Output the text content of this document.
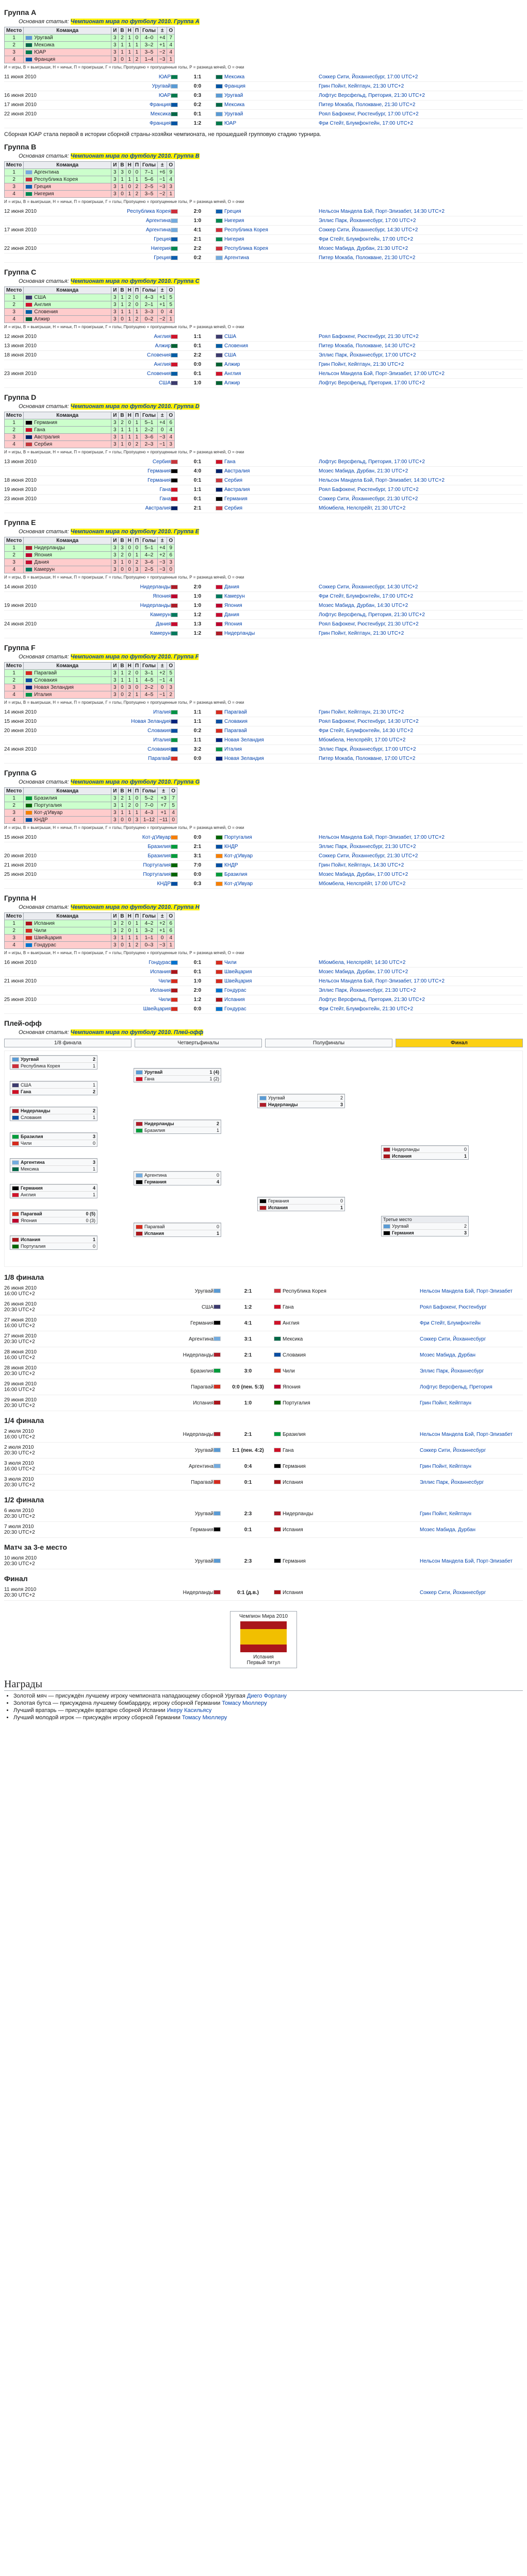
Группа A
Основная статья: Чемпионат мира по футболу 2010. Группа A
Место	Команда	И	В	Н	П	Голы	±	О
1	Уругвай	3	2	1	0	4–0	+4	7
2	Мексика	3	1	1	1	3–2	+1	4
3	ЮАР	3	1	1	1	3–5	−2	4
4	Франция	3	0	1	2	1–4	−3	1
И = игры, В = выигрыши, Н = ничьи, П = проигрыши, Г = голы, Пропущено = пропущенные голы, Р = разница мячей, О = очки
11 июня 2010	ЮАР	1:1	Мексика	Соккер Сити, Йоханнесбург, 17:00 UTC+2
Уругвай	0:0	Франция	Грин Пойнт, Кейптаун, 21:30 UTC+2
16 июня 2010	ЮАР	0:3	Уругвай	Лофтус Версфельд, Претория, 21:30 UTC+2
17 июня 2010	Франция	0:2	Мексика	Питер Мокаба, Полокване, 21:30 UTC+2
22 июня 2010	Мексика	0:1	Уругвай	Роял Бафокенг, Рюстенбург, 17:00 UTC+2
Франция	1:2	ЮАР	Фри Стейт, Блумфонтейн, 17:00 UTC+2

Сборная ЮАР стала первой в истории сборной страны-хозяйки чемпионата, не прошедшей групповую стадию турнира.

Группа B
Основная статья: Чемпионат мира по футболу 2010. Группа B
Место	Команда	И	В	Н	П	Голы	±	О
1	Аргентина	3	3	0	0	7–1	+6	9
2	Республика Корея	3	1	1	1	5–6	−1	4
3	Греция	3	1	0	2	2–5	−3	3
4	Нигерия	3	0	1	2	3–5	−2	1
И = игры, В = выигрыши, Н = ничьи, П = проигрыши, Г = голы, Пропущено = пропущенные голы, Р = разница мячей, О = очки
12 июня 2010	Республика Корея	2:0	Греция	Нельсон Мандела Бэй, Порт-Элизабет, 14:30 UTC+2
Аргентина	1:0	Нигерия	Эллис Парк, Йоханнесбург, 17:00 UTC+2
17 июня 2010	Аргентина	4:1	Республика Корея	Соккер Сити, Йоханнесбург, 14:30 UTC+2
Греция	2:1	Нигерия	Фри Стейт, Блумфонтейн, 17:00 UTC+2
22 июня 2010	Нигерия	2:2	Республика Корея	Мозес Мабида, Дурбан, 21:30 UTC+2
Греция	0:2	Аргентина	Питер Мокаба, Полокване, 21:30 UTC+2
Группа C
Основная статья: Чемпионат мира по футболу 2010. Группа C
Место	Команда	И	В	Н	П	Голы	±	О
1	США	3	1	2	0	4–3	+1	5
2	Англия	3	1	2	0	2–1	+1	5
3	Словения	3	1	1	1	3–3	0	4
4	Алжир	3	0	1	2	0–2	−2	1
И = игры, В = выигрыши, Н = ничьи, П = проигрыши, Г = голы, Пропущено = пропущенные голы, Р = разница мячей, О = очки
12 июня 2010	Англия	1:1	США	Роял Бафокенг, Рюстенбург, 21:30 UTC+2
13 июня 2010	Алжир	0:1	Словения	Питер Мокаба, Полокване, 14:30 UTC+2
18 июня 2010	Словения	2:2	США	Эллис Парк, Йоханнесбург, 17:00 UTC+2
Англия	0:0	Алжир	Грин Пойнт, Кейптаун, 21:30 UTC+2
23 июня 2010	Словения	0:1	Англия	Нельсон Мандела Бэй, Порт-Элизабет, 17:00 UTC+2
США	1:0	Алжир	Лофтус Версфельд, Претория, 17:00 UTC+2
Группа D
Основная статья: Чемпионат мира по футболу 2010. Группа D
Место	Команда	И	В	Н	П	Голы	±	О
1	Германия	3	2	0	1	5–1	+4	6
2	Гана	3	1	1	1	2–2	0	4
3	Австралия	3	1	1	1	3–6	−3	4
4	Сербия	3	1	0	2	2–3	−1	3
И = игры, В = выигрыши, Н = ничьи, П = проигрыши, Г = голы, Пропущено = пропущенные голы, Р = разница мячей, О = очки
13 июня 2010	Сербия	0:1	Гана	Лофтус Версфельд, Претория, 17:00 UTC+2
Германия	4:0	Австралия	Мозес Мабида, Дурбан, 21:30 UTC+2
18 июня 2010	Германия	0:1	Сербия	Нельсон Мандела Бэй, Порт-Элизабет, 14:30 UTC+2
19 июня 2010	Гана	1:1	Австралия	Роял Бафокенг, Рюстенбург, 17:00 UTC+2
23 июня 2010	Гана	0:1	Германия	Соккер Сити, Йоханнесбург, 21:30 UTC+2
Австралия	2:1	Сербия	Мбомбела, Нелспрёйт, 21:30 UTC+2
Группа E
Основная статья: Чемпионат мира по футболу 2010. Группа E
Место	Команда	И	В	Н	П	Голы	±	О
1	Нидерланды	3	3	0	0	5–1	+4	9
2	Япония	3	2	0	1	4–2	+2	6
3	Дания	3	1	0	2	3–6	−3	3
4	Камерун	3	0	0	3	2–5	−3	0
И = игры, В = выигрыши, Н = ничьи, П = проигрыши, Г = голы, Пропущено = пропущенные голы, Р = разница мячей, О = очки
14 июня 2010	Нидерланды	2:0	Дания	Соккер Сити, Йоханнесбург, 14:30 UTC+2
Япония	1:0	Камерун	Фри Стейт, Блумфонтейн, 17:00 UTC+2
19 июня 2010	Нидерланды	1:0	Япония	Мозес Мабида, Дурбан, 14:30 UTC+2
Камерун	1:2	Дания	Лофтус Версфельд, Претория, 21:30 UTC+2
24 июня 2010	Дания	1:3	Япония	Роял Бафокенг, Рюстенбург, 21:30 UTC+2
Камерун	1:2	Нидерланды	Грин Пойнт, Кейптаун, 21:30 UTC+2
Группа F
Основная статья: Чемпионат мира по футболу 2010. Группа F
Место	Команда	И	В	Н	П	Голы	±	О
1	Парагвай	3	1	2	0	3–1	+2	5
2	Словакия	3	1	1	1	4–5	−1	4
3	Новая Зеландия	3	0	3	0	2–2	0	3
4	Италия	3	0	2	1	4–5	−1	2
И = игры, В = выигрыши, Н = ничьи, П = проигрыши, Г = голы, Пропущено = пропущенные голы, Р = разница мячей, О = очки
14 июня 2010	Италия	1:1	Парагвай	Грин Пойнт, Кейптаун, 21:30 UTC+2
15 июня 2010	Новая Зеландия	1:1	Словакия	Роял Бафокенг, Рюстенбург, 14:30 UTC+2
20 июня 2010	Словакия	0:2	Парагвай	Фри Стейт, Блумфонтейн, 14:30 UTC+2
Италия	1:1	Новая Зеландия	Мбомбела, Нелспрёйт, 17:00 UTC+2
24 июня 2010	Словакия	3:2	Италия	Эллис Парк, Йоханнесбург, 17:00 UTC+2
Парагвай	0:0	Новая Зеландия	Питер Мокаба, Полокване, 17:00 UTC+2
Группа G
Основная статья: Чемпионат мира по футболу 2010. Группа G
Место	Команда	И	В	Н	П	Голы	±	О
1	Бразилия	3	2	1	0	5–2	+3	7
2	Португалия	3	1	2	0	7–0	+7	5
3	Кот-д'Ивуар	3	1	1	1	4–3	+1	4
4	КНДР	3	0	0	3	1–12	−11	0
И = игры, В = выигрыши, Н = ничьи, П = проигрыши, Г = голы, Пропущено = пропущенные голы, Р = разница мячей, О = очки
15 июня 2010	Кот-д'Ивуар	0:0	Португалия	Нельсон Мандела Бэй, Порт-Элизабет, 17:00 UTC+2
Бразилия	2:1	КНДР	Эллис Парк, Йоханнесбург, 21:30 UTC+2
20 июня 2010	Бразилия	3:1	Кот-д'Ивуар	Соккер Сити, Йоханнесбург, 21:30 UTC+2
21 июня 2010	Португалия	7:0	КНДР	Грин Пойнт, Кейптаун, 14:30 UTC+2
25 июня 2010	Португалия	0:0	Бразилия	Мозес Мабида, Дурбан, 17:00 UTC+2
КНДР	0:3	Кот-д'Ивуар	Мбомбела, Нелспрёйт, 17:00 UTC+2
Группа H
Основная статья: Чемпионат мира по футболу 2010. Группа H
Место	Команда	И	В	Н	П	Голы	±	О
1	Испания	3	2	0	1	4–2	+2	6
2	Чили	3	2	0	1	3–2	+1	6
3	Швейцария	3	1	1	1	1–1	0	4
4	Гондурас	3	0	1	2	0–3	−3	1
И = игры, В = выигрыши, Н = ничьи, П = проигрыши, Г = голы, Пропущено = пропущенные голы, Р = разница мячей, О = очки
16 июня 2010	Гондурас	0:1	Чили	Мбомбела, Нелспрёйт, 14:30 UTC+2
Испания	0:1	Швейцария	Мозес Мабида, Дурбан, 17:00 UTC+2
21 июня 2010	Чили	1:0	Швейцария	Нельсон Мандела Бэй, Порт-Элизабет, 17:00 UTC+2
Испания	2:0	Гондурас	Эллис Парк, Йоханнесбург, 21:30 UTC+2
25 июня 2010	Чили	1:2	Испания	Лофтус Версфельд, Претория, 21:30 UTC+2
Швейцария	0:0	Гондурас	Фри Стейт, Блумфонтейн, 21:30 UTC+2
Плей-офф
Основная статья: Чемпионат мира по футболу 2010. Плей-офф
1/8 финала	Четвертьфиналы	Полуфиналы	Финал
Уругвай	2
Республика Корея	1
США	1
Гана	2
Нидерланды	2
Словакия	1
Бразилия	3
Чили	0
Аргентина	3
Мексика	1
Германия	4
Англия	1
Парагвай	0 (5)
Япония	0 (3)
Испания	1
Португалия	0
Уругвай	1 (4)
Гана	1 (2)
Нидерланды	2
Бразилия	1
Аргентина	0
Германия	4
Парагвай	0
Испания	1
Уругвай	2
Нидерланды	3
Германия	0
Испания	1
Нидерланды	0
Испания	1
Третье место
Уругвай	2
Германия	3
1/8 финала
26 июня 2010
16:00 UTC+2	Уругвай	2:1	Республика Корея	Нельсон Мандела Бэй, Порт-Элизабет
26 июня 2010
20:30 UTC+2	США	1:2	Гана	Роял Бафокенг, Рюстенбург
27 июня 2010
16:00 UTC+2	Германия	4:1	Англия	Фри Стейт, Блумфонтейн
27 июня 2010
20:30 UTC+2	Аргентина	3:1	Мексика	Соккер Сити, Йоханнесбург
28 июня 2010
16:00 UTC+2	Нидерланды	2:1	Словакия	Мозес Мабида, Дурбан
28 июня 2010
20:30 UTC+2	Бразилия	3:0	Чили	Эллис Парк, Йоханнесбург
29 июня 2010
16:00 UTC+2	Парагвай	0:0 (пен. 5:3)	Япония	Лофтус Версфельд, Претория
29 июня 2010
20:30 UTC+2	Испания	1:0	Португалия	Грин Пойнт, Кейптаун
1/4 финала
2 июля 2010
16:00 UTC+2	Нидерланды	2:1	Бразилия	Нельсон Мандела Бэй, Порт-Элизабет
2 июля 2010
20:30 UTC+2	Уругвай	1:1 (пен. 4:2)	Гана	Соккер Сити, Йоханнесбург
3 июля 2010
16:00 UTC+2	Аргентина	0:4	Германия	Грин Пойнт, Кейптаун
3 июля 2010
20:30 UTC+2	Парагвай	0:1	Испания	Эллис Парк, Йоханнесбург
1/2 финала
6 июля 2010
20:30 UTC+2	Уругвай	2:3	Нидерланды	Грин Пойнт, Кейптаун
7 июля 2010
20:30 UTC+2	Германия	0:1	Испания	Мозес Мабида, Дурбан
Матч за 3-е место
10 июля 2010
20:30 UTC+2	Уругвай	2:3	Германия	Нельсон Мандела Бэй, Порт-Элизабет
Финал
11 июля 2010
20:30 UTC+2	Нидерланды	0:1 (д.в.)	Испания	Соккер Сити, Йоханнесбург
Чемпион Мира 2010
Испания
Первый титул
Награды
• Золотой мяч — присуждён лучшему игроку чемпионата нападающему сборной Уругвая Диего Форлану
• Золотая бутса — присуждена лучшему бомбардиру, игроку сборной Германии Томасу Мюллеру
• Лучший вратарь — присуждён вратарю сборной Испании Икеру Касильясу
• Лучший молодой игрок — присуждён игроку сборной Германии Томасу Мюллеру
